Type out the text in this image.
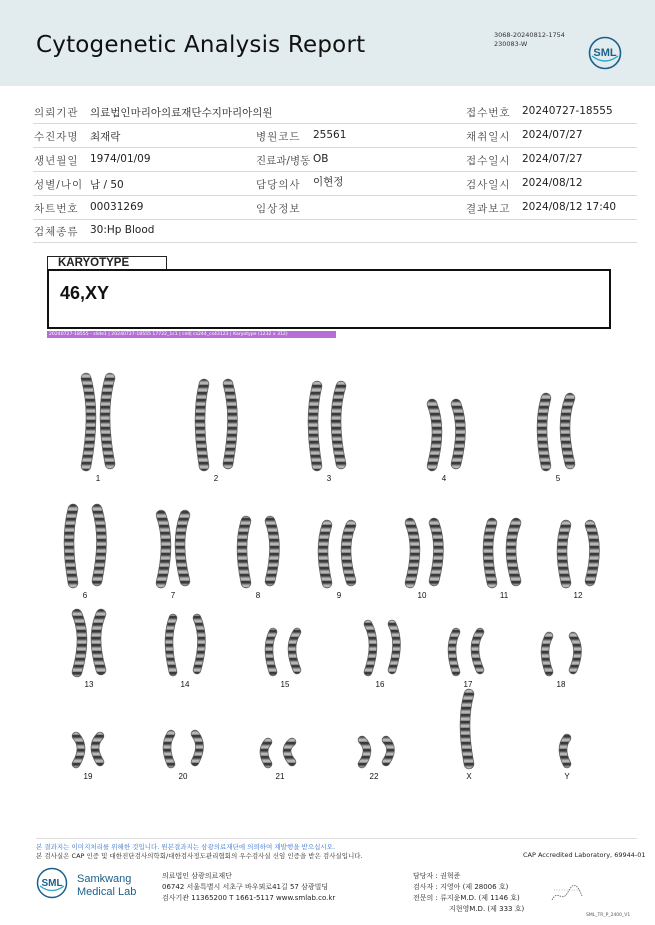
Cytogenetic Analysis Report	3068-20240812-1754
230083-W
SML
의뢰기관 의료법인마리아의료재단수지마리아의원	접수번호 20240727-18555
수진자명 최재락	병원코드 25561	채취일시 2024/07/27
생년월일 1974/01/09	진료과/병동 OB	접수일시 2024/07/27
성별/나이 남 / 50	담당의사 이현정	검사일시 2024/08/12
차트번호 00031269	임상정보	결과보고 2024/08/12 17:40
검체종류 30:Hp Blood
KARYOTYPE
46,XY
20240727-18555 - slide1 | 20240727-18555 17722_1c1 | cell| cs244_cs43123 | Karyotype (1232 x 312)
1	2	3	4	5
6	7	8	9	10	11	12
13	14	15	16	17	18
19	20	21	22	X	Y
본 결과지는 이미지처리를 위해한 것입니다. 원본결과지는 삼광의료재단에 의뢰하여 재발행을 받으십시오.
본 검사실은 CAP 인증 및 대한진단검사의학회/대한검사정도관리협회의 우수검사실 신임 인증을 받은 검사실입니다.	CAP Accredited Laboratory, 69944-01
SML Samkwang
Medical Lab
의료법인 삼광의료재단
06742 서울특별시 서초구 바우뫼로41길 57 삼광빌딩
검사기관 11365200 T 1661-5117 www.smlab.co.kr
담당자 : 권혁준
검사자 : 지영아 (제 28006 호)
전문의 : 류지윤M.D. (제 1146 호)
지현영M.D. (제 333 호)
SML_TR_P_2400_V1
